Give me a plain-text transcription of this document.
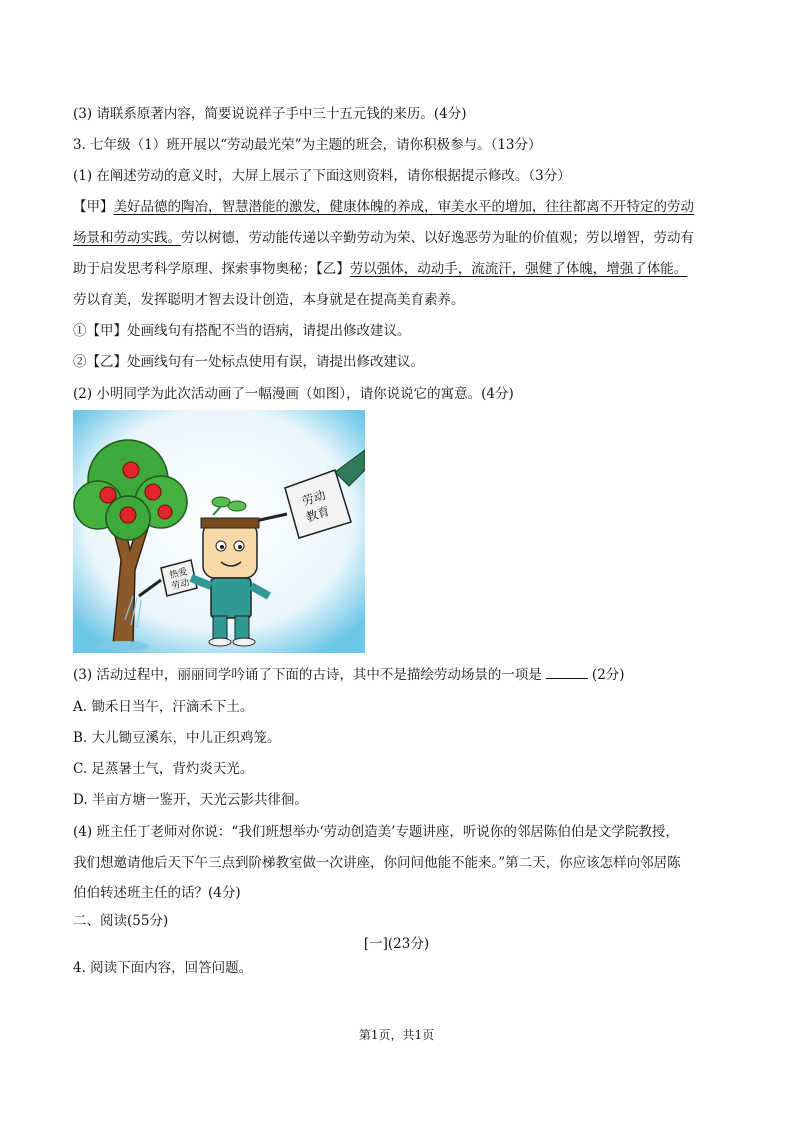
(3) 请联系原著内容，简要说说祥子手中三十五元钱的来历。(4分)
3. 七年级（1）班开展以“劳动最光荣”为主题的班会，请你积极参与。（13分）
(1) 在阐述劳动的意义时，大屏上展示了下面这则资料，请你根据提示修改。（3分）
【甲】美好品德的陶冶，智慧潜能的激发，健康体魄的养成，审美水平的增加，往往都离不开特定的劳动
场景和劳动实践。劳以树德，劳动能传递以辛勤劳动为荣、以好逸恶劳为耻的价值观；劳以增智，劳动有
助于启发思考科学原理、探索事物奥秘；【乙】劳以强体，动动手，流流汗，强健了体魄，增强了体能。
劳以育美，发挥聪明才智去设计创造，本身就是在提高美育素养。
①【甲】处画线句有搭配不当的语病，请提出修改建议。
②【乙】处画线句有一处标点使用有误，请提出修改建议。
(2) 小明同学为此次活动画了一幅漫画（如图），请你说说它的寓意。(4分)
热爱
劳动
劳动
教育
(3) 活动过程中，丽丽同学吟诵了下面的古诗，其中不是描绘劳动场景的一项是	(2分)
A. 锄禾日当午，汗滴禾下土。
B. 大儿锄豆溪东，中儿正织鸡笼。
C. 足蒸暑土气，背灼炎天光。
D. 半亩方塘一鉴开，天光云影共徘徊。
(4) 班主任丁老师对你说：“我们班想举办‘劳动创造美’专题讲座，听说你的邻居陈伯伯是文学院教授，
我们想邀请他后天下午三点到阶梯教室做一次讲座，你问问他能不能来。”第二天，你应该怎样向邻居陈
伯伯转述班主任的话？(4分)
二、阅读(55分)
[一](23分)
4. 阅读下面内容，回答问题。
第1页，共1页
